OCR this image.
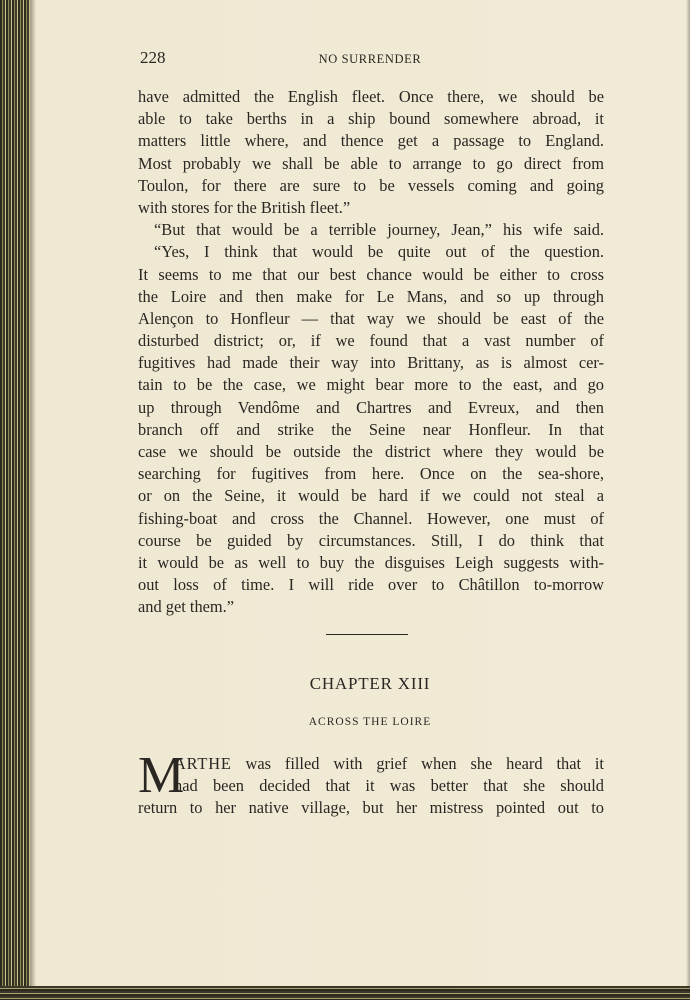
228	NO SURRENDER
have admitted the English fleet. Once there, we should be
able to take berths in a ship bound somewhere abroad, it
matters little where, and thence get a passage to England.
Most probably we shall be able to arrange to go direct from
Toulon, for there are sure to be vessels coming and going
with stores for the British fleet.”
“But that would be a terrible journey, Jean,” his wife said.
“Yes, I think that would be quite out of the question.
It seems to me that our best chance would be either to cross
the Loire and then make for Le Mans, and so up through
Alençon to Honfleur — that way we should be east of the
disturbed district; or, if we found that a vast number of
fugitives had made their way into Brittany, as is almost cer-
tain to be the case, we might bear more to the east, and go
up through Vendôme and Chartres and Evreux, and then
branch off and strike the Seine near Honfleur. In that
case we should be outside the district where they would be
searching for fugitives from here. Once on the sea-shore,
or on the Seine, it would be hard if we could not steal a
fishing-boat and cross the Channel. However, one must of
course be guided by circumstances. Still, I do think that
it would be as well to buy the disguises Leigh suggests with-
out loss of time. I will ride over to Châtillon to-morrow
and get them.”
CHAPTER XIII
ACROSS THE LOIRE
M
ARTHE was filled with grief when she heard that it
had been decided that it was better that she should
return to her native village, but her mistress pointed out to
